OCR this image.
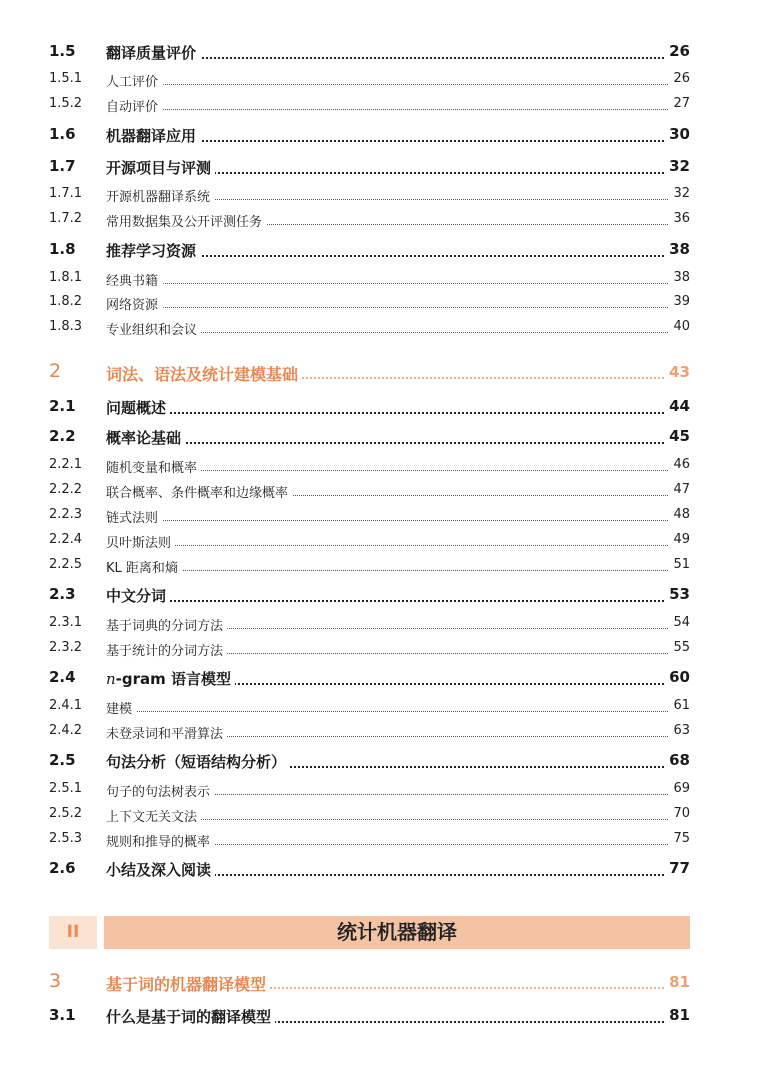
1.5 翻译质量评价	26
1.5.1 人工评价	26
1.5.2 自动评价	27
1.6 机器翻译应用	30
1.7 开源项目与评测	32
1.7.1 开源机器翻译系统	32
1.7.2 常用数据集及公开评测任务	36
1.8 推荐学习资源	38
1.8.1 经典书籍	38
1.8.2 网络资源	39
1.8.3 专业组织和会议	40
2	词法、语法及统计建模基础	43
2.1 问题概述	44
2.2 概率论基础	45
2.2.1 随机变量和概率	46
2.2.2 联合概率、条件概率和边缘概率	47
2.2.3 链式法则	48
2.2.4 贝叶斯法则	49
2.2.5 KL 距离和熵	51
2.3 中文分词	53
2.3.1 基于词典的分词方法	54
2.3.2 基于统计的分词方法	55
2.4 n-gram 语言模型	60
2.4.1 建模	61
2.4.2 未登录词和平滑算法	63
2.5 句法分析（短语结构分析）	68
2.5.1 句子的句法树表示	69
2.5.2 上下文无关文法	70
2.5.3 规则和推导的概率	75
2.6 小结及深入阅读	77
3	基于词的机器翻译模型	81
3.1 什么是基于词的翻译模型	81
II	统计机器翻译
